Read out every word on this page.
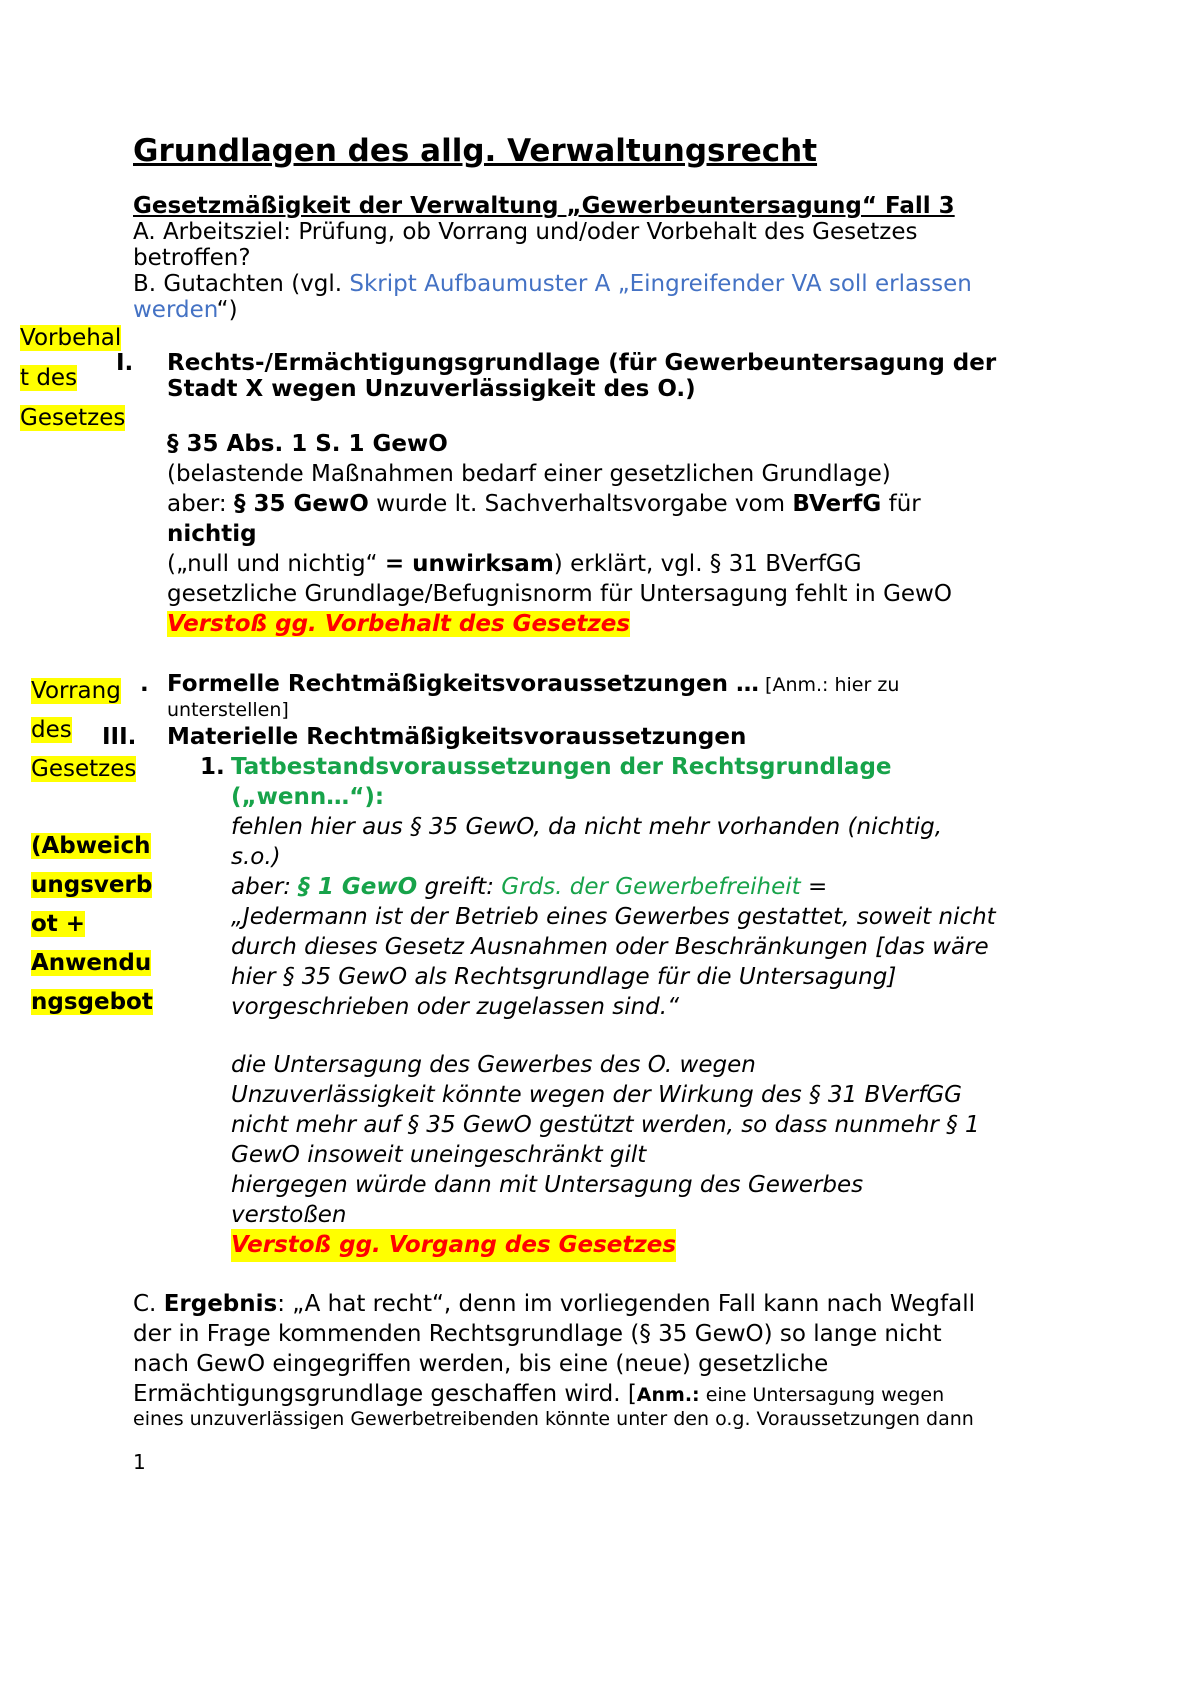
Grundlagen des allg. Verwaltungsrecht
Gesetzmäßigkeit der Verwaltung „Gewerbeuntersagung“ Fall 3
A. Arbeitsziel: Prüfung, ob Vorrang und/oder Vorbehalt des Gesetzes
betroffen?
B. Gutachten (vgl. Skript Aufbaumuster A „Eingreifender VA soll erlassen
werden“)
Vorbehal
t des
Gesetzes
I. Rechts-/Ermächtigungsgrundlage (für Gewerbeuntersagung der
Stadt X wegen Unzuverlässigkeit des O.)
§ 35 Abs. 1 S. 1 GewO
(belastende Maßnahmen bedarf einer gesetzlichen Grundlage)
aber: § 35 GewO wurde lt. Sachverhaltsvorgabe vom BVerfG für
nichtig
(„null und nichtig“ = unwirksam) erklärt, vgl. § 31 BVerfGG
gesetzliche Grundlage/Befugnisnorm für Untersagung fehlt in GewO
Verstoß gg. Vorbehalt des Gesetzes
Vorrang
des
Gesetzes
(Abweich
ungsverb
ot +
Anwendu
ngsgebot
. Formelle Rechtmäßigkeitsvoraussetzungen … [Anm.: hier zu
unterstellen]
III. Materielle Rechtmäßigkeitsvoraussetzungen
1. Tatbestandsvoraussetzungen der Rechtsgrundlage
(„wenn…“):
fehlen hier aus § 35 GewO, da nicht mehr vorhanden (nichtig,
s.o.)
aber: § 1 GewO greift: Grds. der Gewerbefreiheit =
„Jedermann ist der Betrieb eines Gewerbes gestattet, soweit nicht
durch dieses Gesetz Ausnahmen oder Beschränkungen [das wäre
hier § 35 GewO als Rechtsgrundlage für die Untersagung]
vorgeschrieben oder zugelassen sind.“
die Untersagung des Gewerbes des O. wegen
Unzuverlässigkeit könnte wegen der Wirkung des § 31 BVerfGG
nicht mehr auf § 35 GewO gestützt werden, so dass nunmehr § 1
GewO insoweit uneingeschränkt gilt
hiergegen würde dann mit Untersagung des Gewerbes
verstoßen
Verstoß gg. Vorgang des Gesetzes
C. Ergebnis: „A hat recht“, denn im vorliegenden Fall kann nach Wegfall
der in Frage kommenden Rechtsgrundlage (§ 35 GewO) so lange nicht
nach GewO eingegriffen werden, bis eine (neue) gesetzliche
Ermächtigungsgrundlage geschaffen wird. [Anm.: eine Untersagung wegen
eines unzuverlässigen Gewerbetreibenden könnte unter den o.g. Voraussetzungen dann
1
